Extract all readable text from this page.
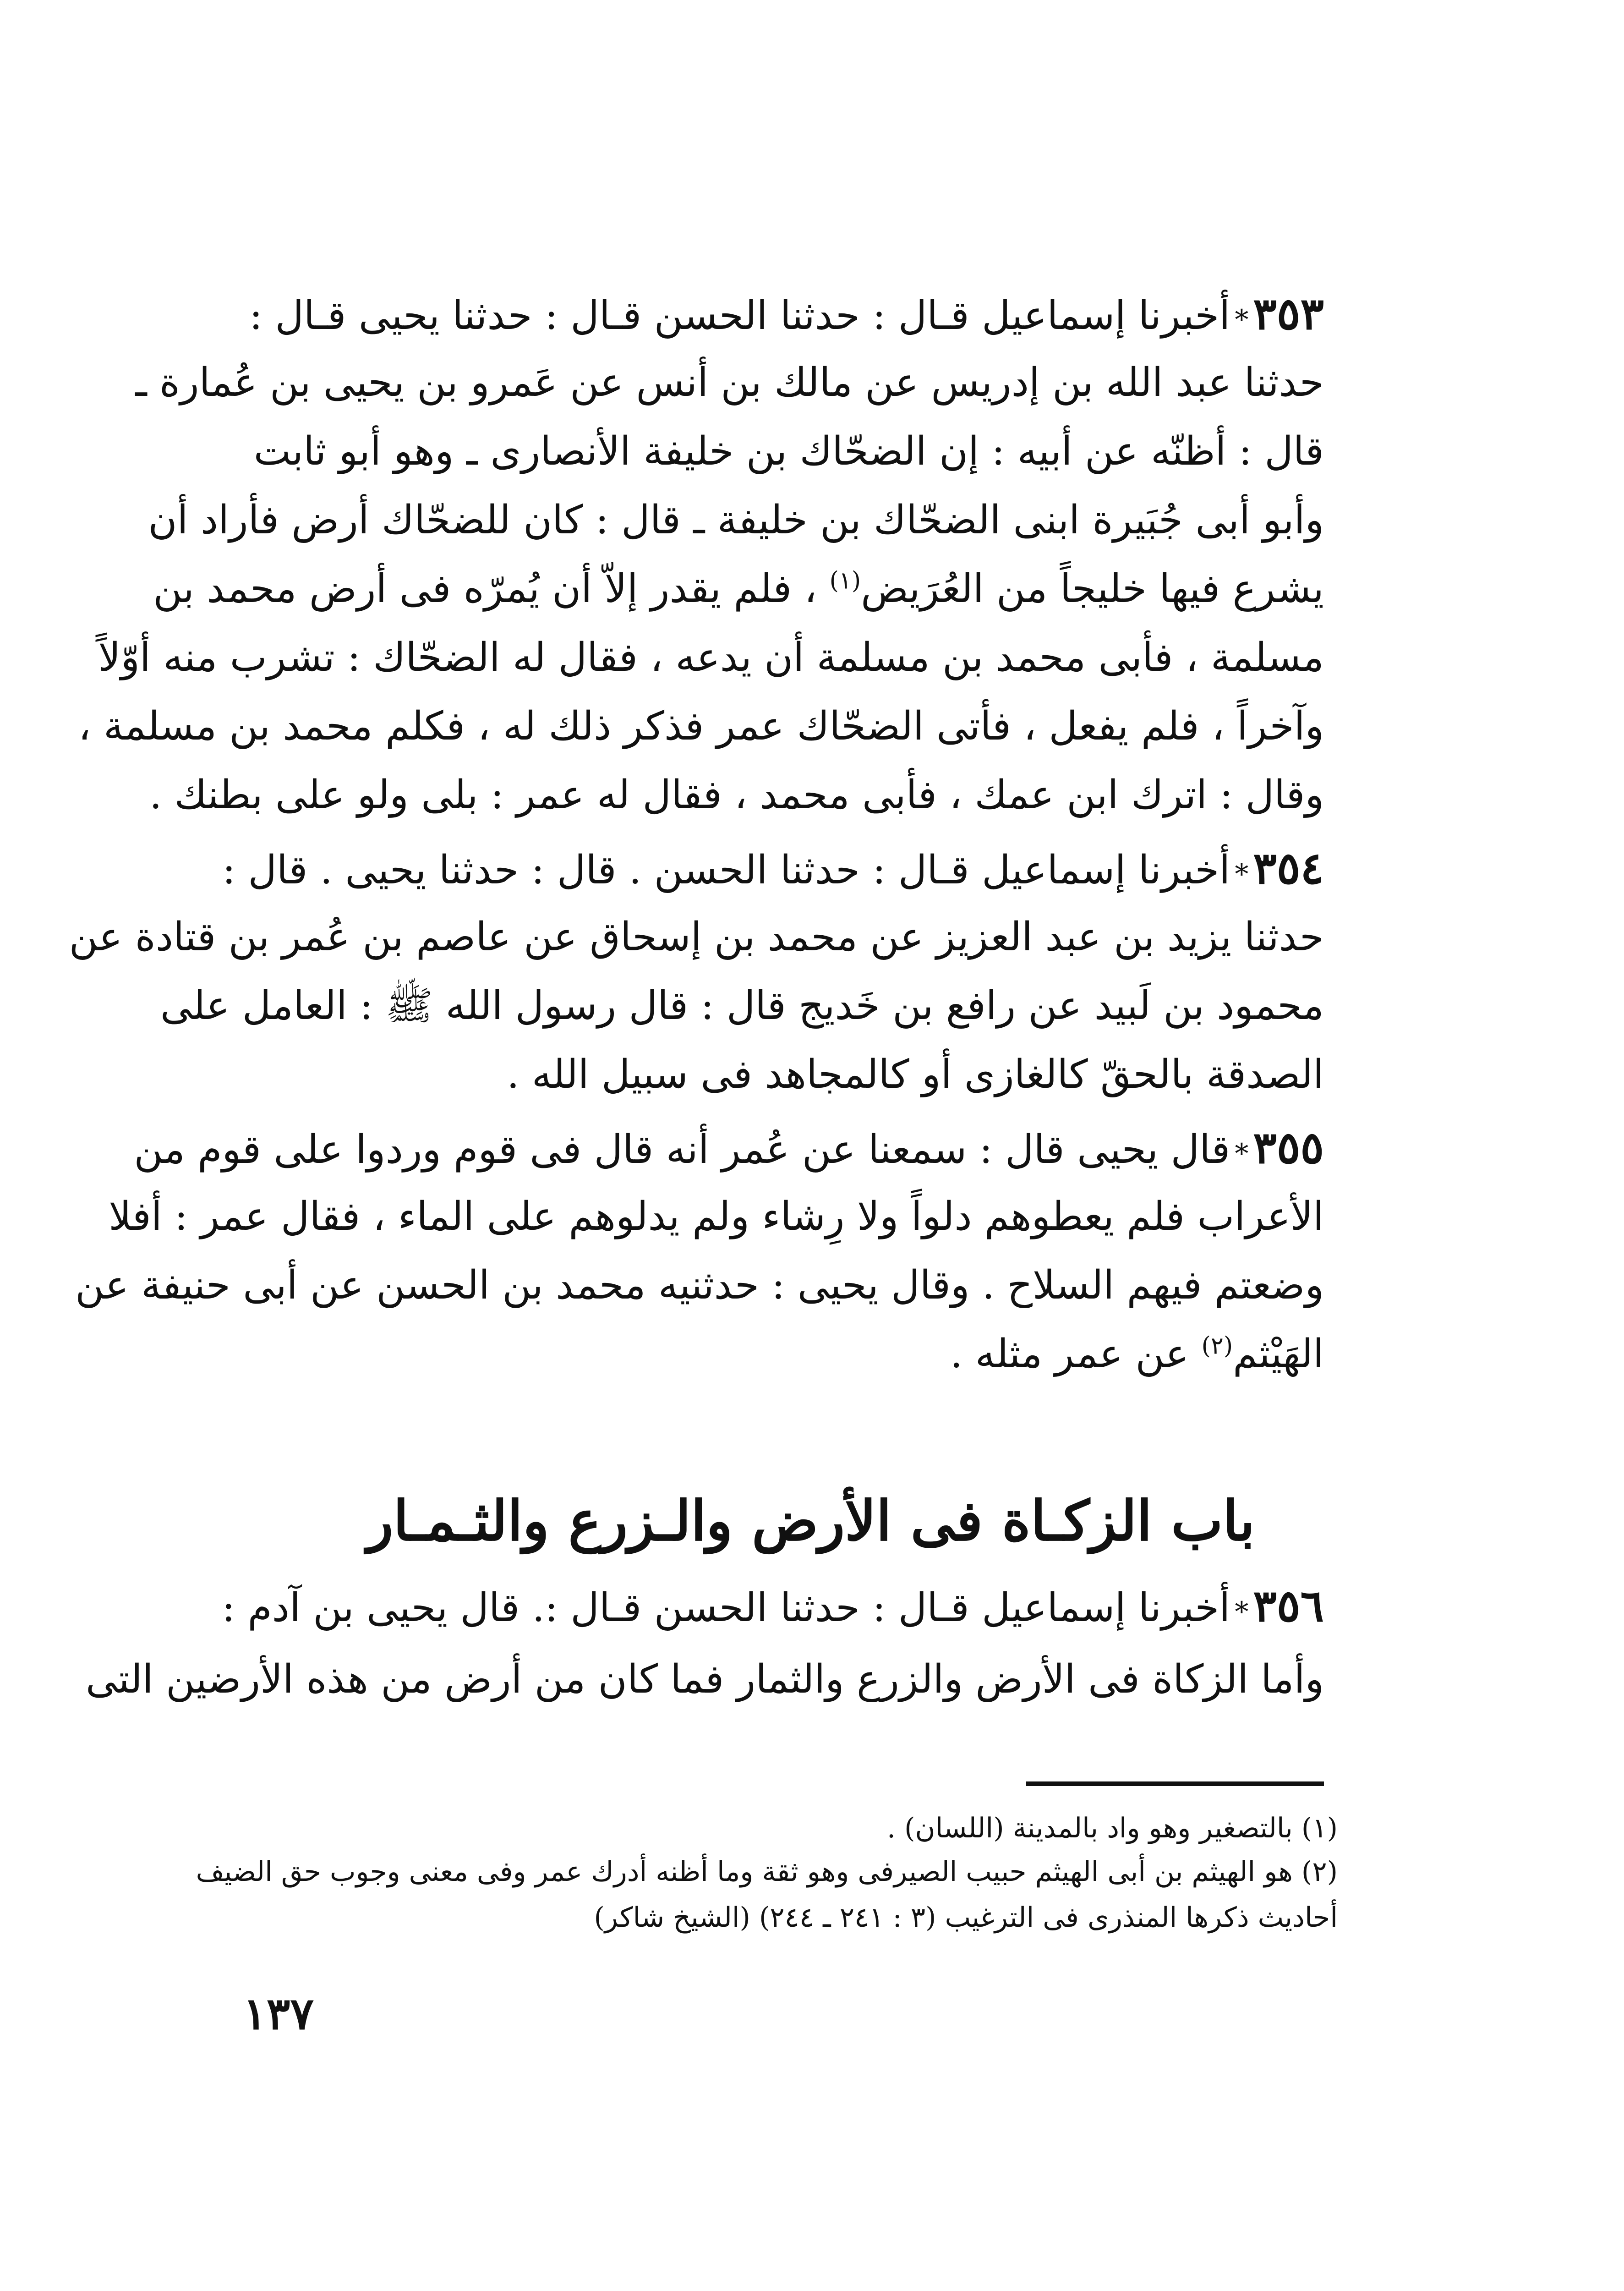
٣٥٣*أخبرنا إسماعيل قـال : حدثنا الحسن قـال : حدثنا يحيى قـال :
حدثنا عبد الله بن إدريس عن مالك بن أنس عن عَمرو بن يحيى بن عُمارة ـ
قال : أظنّه عن أبيه : إن الضحّاك بن خليفة الأنصارى ـ وهو أبو ثابت
وأبو أبى جُبَيرة ابنى الضحّاك بن خليفة ـ قال : كان للضحّاك أرض فأراد أن
يشرع فيها خليجاً من العُرَيض$^{(١)}$ ، فلم يقدر إلاّ أن يُمرّه فى أرض محمد بن
مسلمة ، فأبى محمد بن مسلمة أن يدعه ، فقال له الضحّاك : تشرب منه أوّلاً
وآخراً ، فلم يفعل ، فأتى الضحّاك عمر فذكر ذلك له ، فكلم محمد بن مسلمة ،
وقال : اترك ابن عمك ، فأبى محمد ، فقال له عمر : بلى ولو على بطنك .
٣٥٤*أخبرنا إسماعيل قـال : حدثنا الحسن . قال : حدثنا يحيى . قال :
حدثنا يزيد بن عبد العزيز عن محمد بن إسحاق عن عاصم بن عُمر بن قتادة عن
محمود بن لَبيد عن رافع بن خَديج قال : قال رسول الله ﷺ : العامل على
الصدقة بالحقّ كالغازى أو كالمجاهد فى سبيل الله .
٣٥٥*قال يحيى قال : سمعنا عن عُمر أنه قال فى قوم وردوا على قوم من
الأعراب فلم يعطوهم دلواً ولا رِشاء ولم يدلوهم على الماء ، فقال عمر : أفلا
وضعتم فيهم السلاح . وقال يحيى : حدثنيه محمد بن الحسن عن أبى حنيفة عن
الهَيْثم$^{(٢)}$ عن عمر مثله .
باب الزكـاة فى الأرض والـزرع والثـمـار
٣٥٦*أخبرنا إسماعيل قـال : حدثنا الحسن قـال :. قال يحيى بن آدم :
وأما الزكاة فى الأرض والزرع والثمار فما كان من أرض من هذه الأرضين التى
(١) بالتصغير وهو واد بالمدينة (اللسان) .
(٢) هو الهيثم بن أبى الهيثم حبيب الصيرفى وهو ثقة وما أظنه أدرك عمر وفى معنى وجوب حق الضيف
أحاديث ذكرها المنذرى فى الترغيب (٣ : ٢٤١ ـ ٢٤٤) (الشيخ شاكر)
١٣٧
